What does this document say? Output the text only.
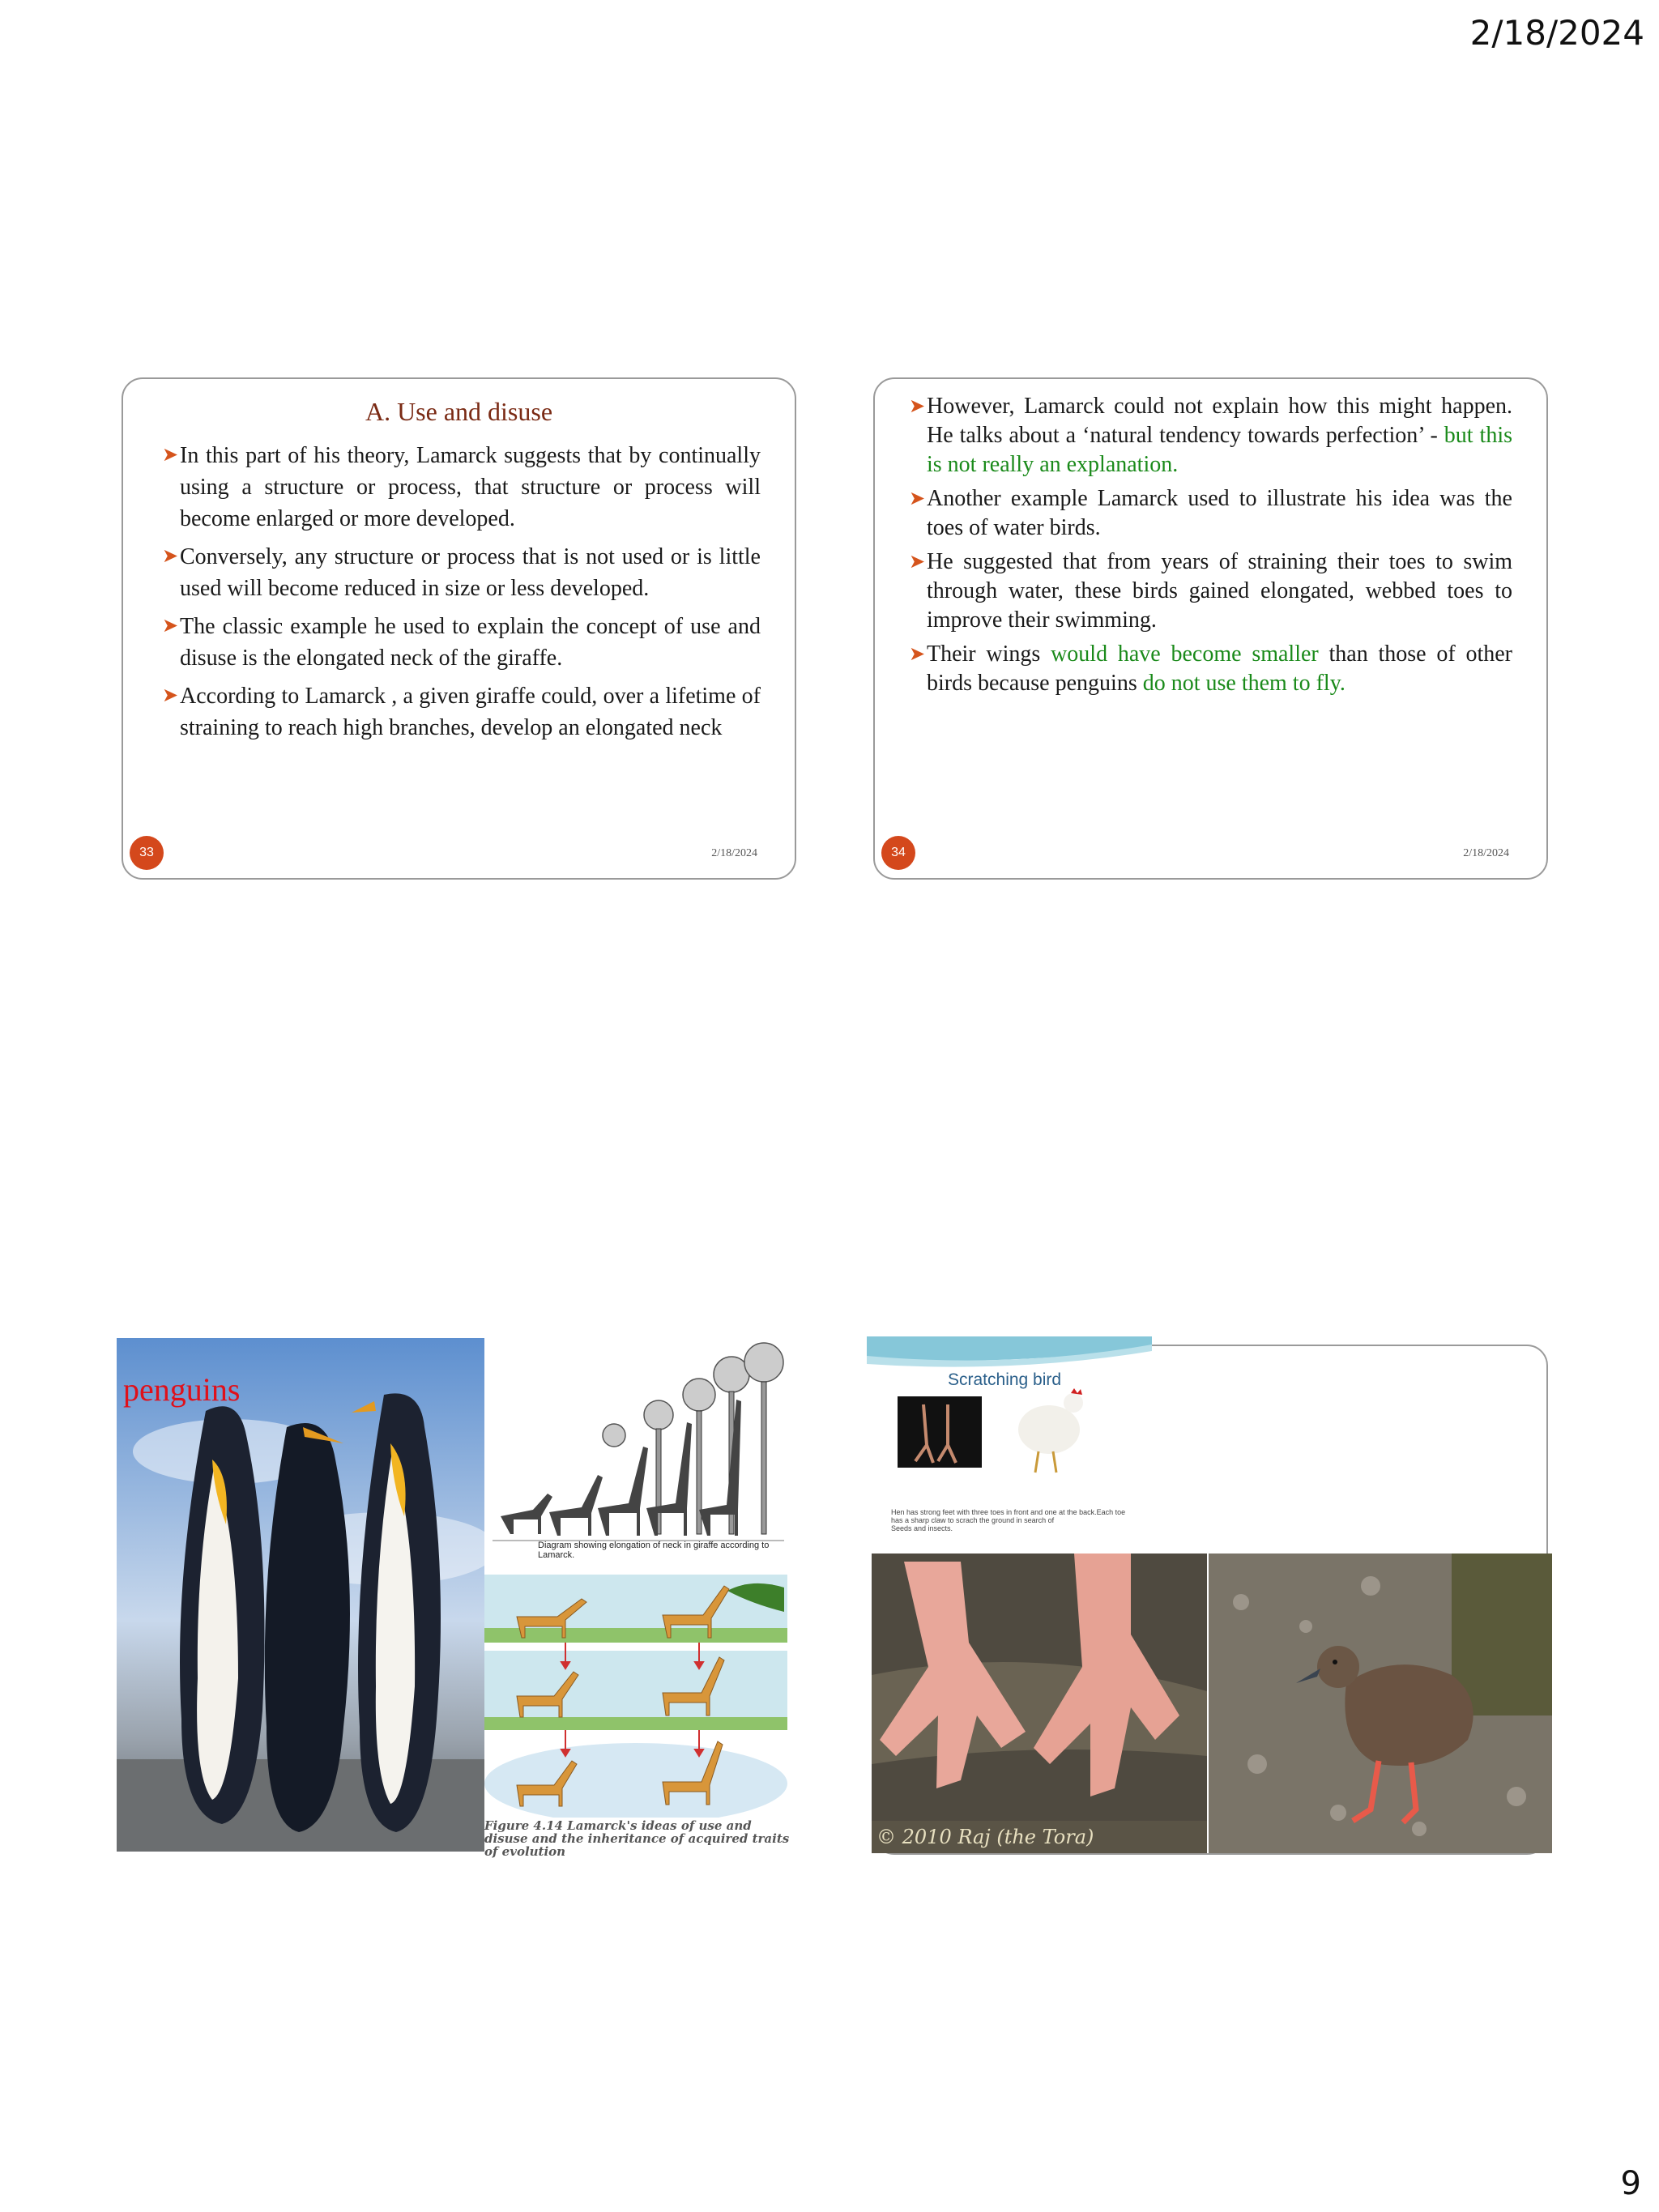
2/18/2024
A. Use and disuse
➤ In this part of his theory, Lamarck suggests that by continually using a structure or process, that structure or process will become enlarged or more developed.
➤ Conversely, any structure or process that is not used or is little used will become reduced in size or less developed.
➤ The classic example he used to explain the concept of use and disuse is the elongated neck of the giraffe.
➤ According to Lamarck , a given giraffe could, over a lifetime of straining to reach high branches, develop an elongated neck
33	2/18/2024
➤ However, Lamarck could not explain how this might happen. He talks about a ‘natural tendency towards perfection’ - but this is not really an explanation.
➤ Another example Lamarck used to illustrate his idea was the toes of water birds.
➤ He suggested that from years of straining their toes to swim through water, these birds gained elongated, webbed toes to improve their swimming.
➤ Their wings would have become smaller than those of other birds because penguins do not use them to fly.
34	2/18/2024
penguins
Diagram showing elongation of neck in giraffe according to Lamarck.
Figure 4.14 Lamarck's ideas of use and disuse and the inheritance of acquired traits of evolution
Scratching bird
Hen has strong feet with three toes in front and one at the back.Each toe has a sharp claw to scrach the ground in search of
Seeds and insects.
© 2010 Raj (the Tora)
9
